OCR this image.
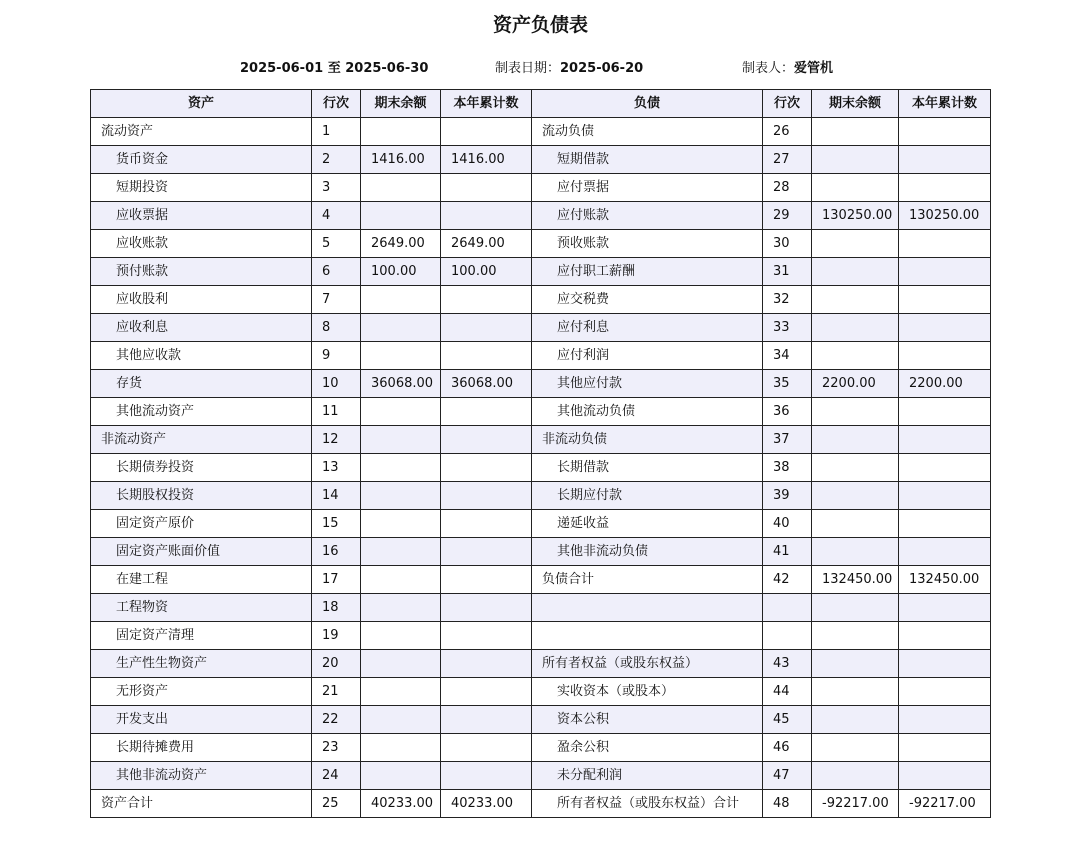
资产负债表
2025-06-01 至 2025-06-30	制表日期：2025-06-20	制表人：爱管机
资产	行次	期末余额	本年累计数	负债	行次	期末余额	本年累计数
流动资产	1			流动负债	26		
货币资金	2	1416.00	1416.00	短期借款	27		
短期投资	3			应付票据	28		
应收票据	4			应付账款	29	130250.00	130250.00
应收账款	5	2649.00	2649.00	预收账款	30		
预付账款	6	100.00	100.00	应付职工薪酬	31		
应收股利	7			应交税费	32		
应收利息	8			应付利息	33		
其他应收款	9			应付利润	34		
存货	10	36068.00	36068.00	其他应付款	35	2200.00	2200.00
其他流动资产	11			其他流动负债	36		
非流动资产	12			非流动负债	37		
长期债券投资	13			长期借款	38		
长期股权投资	14			长期应付款	39		
固定资产原价	15			递延收益	40		
固定资产账面价值	16			其他非流动负债	41		
在建工程	17			负债合计	42	132450.00	132450.00
工程物资	18						
固定资产清理	19						
生产性生物资产	20			所有者权益（或股东权益）	43		
无形资产	21			实收资本（或股本）	44		
开发支出	22			资本公积	45		
长期待摊费用	23			盈余公积	46		
其他非流动资产	24			未分配利润	47		
资产合计	25	40233.00	40233.00	所有者权益（或股东权益）合计	48	-92217.00	-92217.00
